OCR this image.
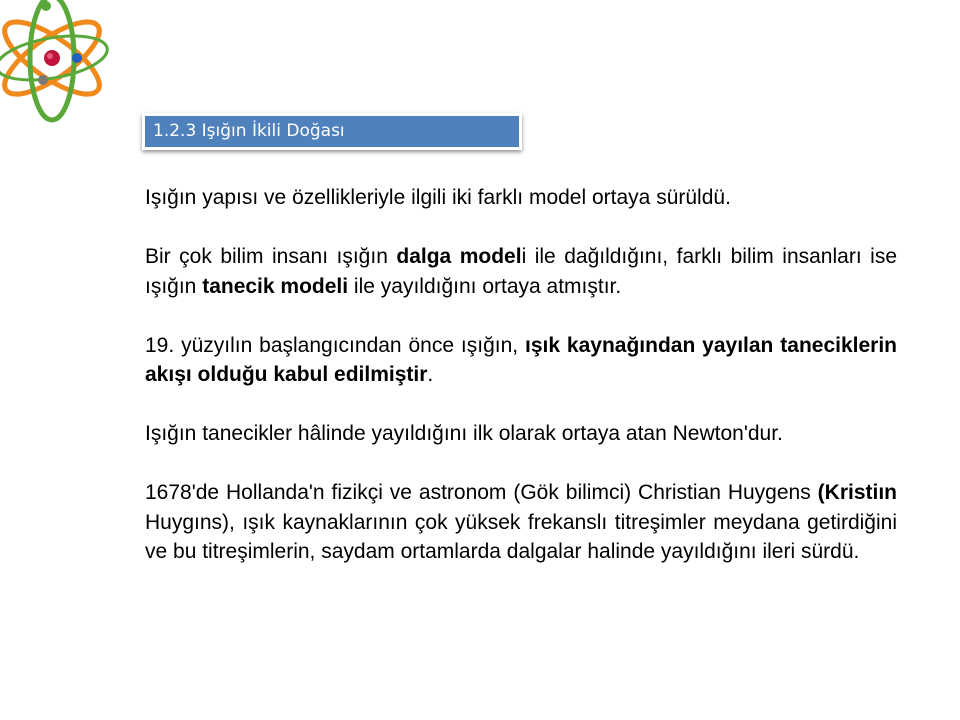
1.2.3 Işığın İkili Doğası

Işığın yapısı ve özellikleriyle ilgili iki farklı model ortaya sürüldü.

Bir çok bilim insanı ışığın dalga modeli ile dağıldığını, farklı bilim insanları ise ışığın tanecik modeli ile yayıldığını ortaya atmıştır.

19. yüzyılın başlangıcından önce ışığın, ışık kaynağından yayılan taneciklerin akışı olduğu kabul edilmiştir.

Işığın tanecikler hâlinde yayıldığını ilk olarak ortaya atan Newton'dur.

1678'de Hollanda'n fizikçi ve astronom (Gök bilimci) Christian Huygens (Kristiın Huygıns), ışık kaynaklarının çok yüksek frekanslı titreşimler meydana getirdiğini ve bu titreşimlerin, saydam ortamlarda dalgalar halinde yayıldığını ileri sürdü.
